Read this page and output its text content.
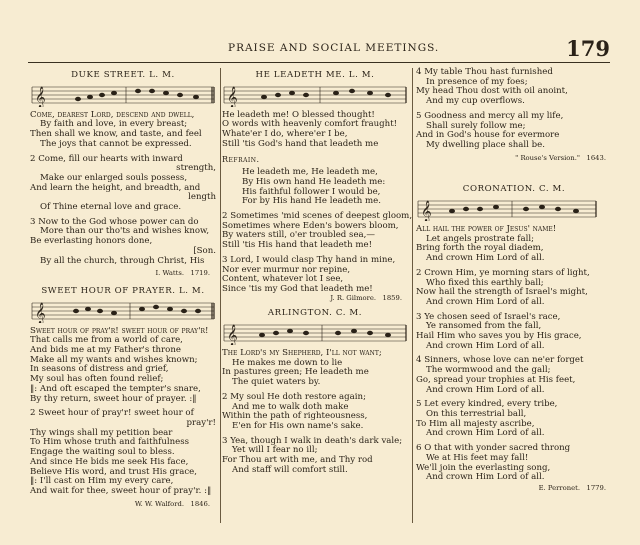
PRAISE AND SOCIAL MEETINGS.	179
DUKE STREET. L. M.
𝄞
Come, dearest Lord, descend and dwell,
By faith and love, in every breast;
Then shall we know, and taste, and feel
The joys that cannot be expressed.
2 Come, fill our hearts with inward
strength,
Make our enlarged souls possess,
And learn the height, and breadth, and
length
Of Thine eternal love and grace.
3 Now to the God whose power can do
More than our tho'ts and wishes know,
Be everlasting honors done,
[Son.
By all the church, through Christ, His
I. Watts. 1719.
SWEET HOUR OF PRAYER. L. M.
𝄞
Sweet hour of pray'r! sweet hour of pray'r!
That calls me from a world of care,
And bids me at my Father's throne
Make all my wants and wishes known;
In seasons of distress and grief,
My soul has often found relief;
‖: And oft escaped the tempter's snare,
By thy return, sweet hour of prayer. :‖
2 Sweet hour of pray'r! sweet hour of
pray'r!
Thy wings shall my petition bear
To Him whose truth and faithfulness
Engage the waiting soul to bless.
And since He bids me seek His face,
Believe His word, and trust His grace,
‖: I'll cast on Him my every care,
And wait for thee, sweet hour of pray'r. :‖
W. W. Walford. 1846.
HE LEADETH ME. L. M.
𝄞
He leadeth me! O blessed thought!
O words with heavenly comfort fraught!
Whate'er I do, where'er I be,
Still 'tis God's hand that leadeth me
Refrain.
He leadeth me, He leadeth me,
By His own hand He leadeth me:
His faithful follower I would be,
For by His hand He leadeth me.
2 Sometimes 'mid scenes of deepest gloom,
Sometimes where Eden's bowers bloom,
By waters still, o'er troubled sea,—
Still 'tis His hand that leadeth me!
3 Lord, I would clasp Thy hand in mine,
Nor ever murmur nor repine,
Content, whatever lot I see,
Since 'tis my God that leadeth me!
J. R. Gilmore. 1859.
ARLINGTON. C. M.
𝄞
The Lord's my Shepherd, I'll not want;
He makes me down to lie
In pastures green; He leadeth me
The quiet waters by.
2 My soul He doth restore again;
And me to walk doth make
Within the path of righteousness,
E'en for His own name's sake.
3 Yea, though I walk in death's dark vale;
Yet will I fear no ill;
For Thou art with me, and Thy rod
And staff will comfort still.
4 My table Thou hast furnished
In presence of my foes;
My head Thou dost with oil anoint,
And my cup overflows.
5 Goodness and mercy all my life,
Shall surely follow me;
And in God's house for evermore
My dwelling place shall be.
" Rouse's Version." 1643.
CORONATION. C. M.
𝄞
All hail the power of Jesus' name!
Let angels prostrate fall;
Bring forth the royal diadem,
And crown Him Lord of all.
2 Crown Him, ye morning stars of light,
Who fixed this earthly ball;
Now hail the strength of Israel's might,
And crown Him Lord of all.
3 Ye chosen seed of Israel's race,
Ye ransomed from the fall,
Hail Him who saves you by His grace,
And crown Him Lord of all.
4 Sinners, whose love can ne'er forget
The wormwood and the gall;
Go, spread your trophies at His feet,
And crown Him Lord of all.
5 Let every kindred, every tribe,
On this terrestrial ball,
To Him all majesty ascribe,
And crown Him Lord of all.
6 O that with yonder sacred throng
We at His feet may fall!
We'll join the everlasting song,
And crown Him Lord of all.
E. Perronet. 1779.
